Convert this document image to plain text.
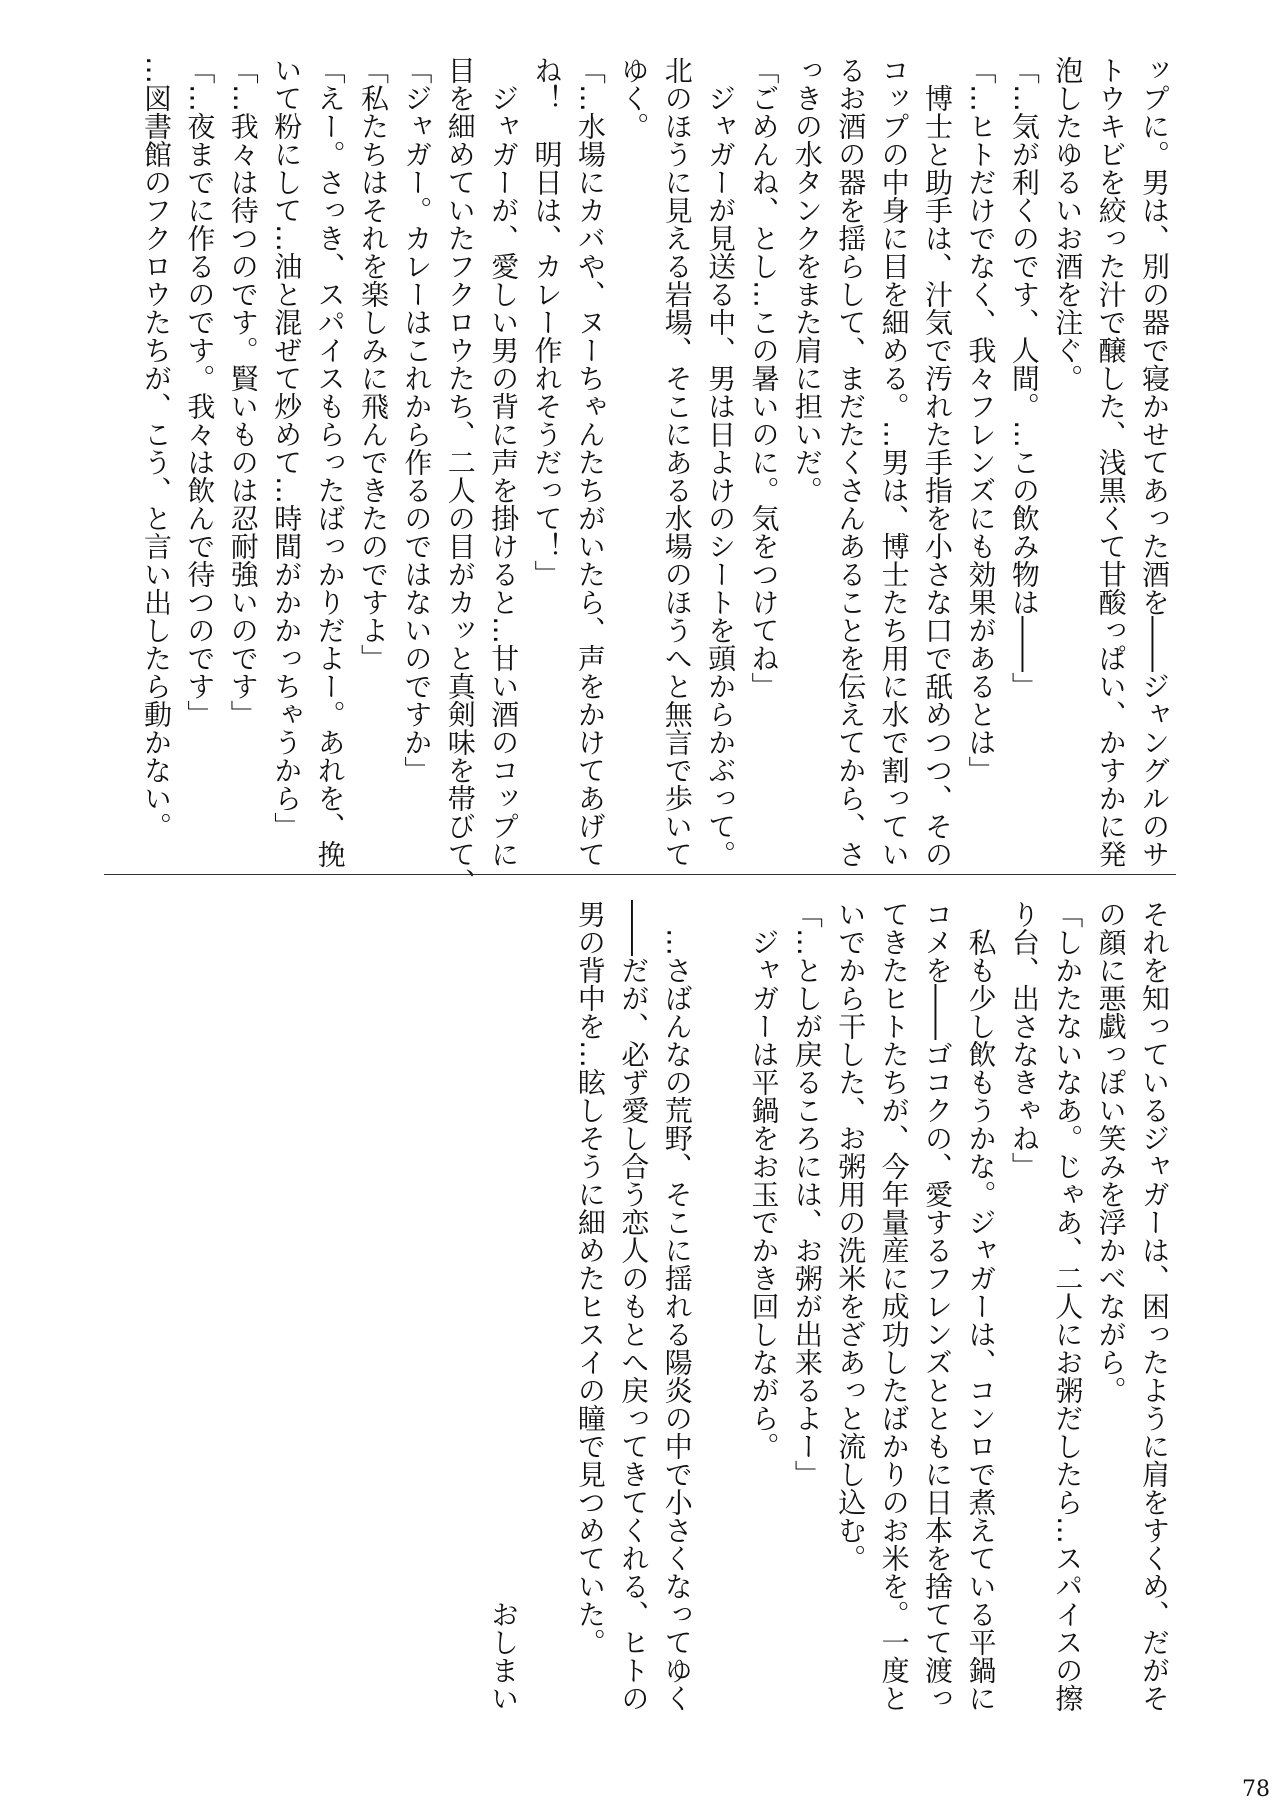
ップに。男は、別の器で寝かせてあった酒を――ジャングルのサ
トウキビを絞った汁で醸した、浅黒くて甘酸っぱい、かすかに発
泡したゆるいお酒を注ぐ。
「…気が利くのです、人間。…この飲み物は――」
「…ヒトだけでなく、我々フレンズにも効果があるとは」
　博士と助手は、汁気で汚れた手指を小さな口で舐めつつ、その
コップの中身に目を細める。…男は、博士たち用に水で割ってい
るお酒の器を揺らして、まだたくさんあることを伝えてから、さ
っきの水タンクをまた肩に担いだ。
「ごめんね、とし…この暑いのに。気をつけてね」
　ジャガーが見送る中、男は日よけのシートを頭からかぶって。
北のほうに見える岩場、そこにある水場のほうへと無言で歩いて
ゆく。
「…水場にカバや、ヌーちゃんたちがいたら、声をかけてあげて
ね！　明日は、カレー作れそうだって！」
　ジャガーが、愛しい男の背に声を掛けると…甘い酒のコップに
目を細めていたフクロウたち、二人の目がカッと真剣味を帯びて、
「ジャガー。カレーはこれから作るのではないのですか」
「私たちはそれを楽しみに飛んできたのですよ」
「えー。さっき、スパイスもらったばっかりだよー。あれを、挽
いて粉にして…油と混ぜて炒めて…時間がかかっちゃうから」
「…我々は待つのです。賢いものは忍耐強いのです」
「…夜までに作るのです。我々は飲んで待つのです」
…図書館のフクロウたちが、こう、と言い出したら動かない。
それを知っているジャガーは、困ったように肩をすくめ、だがそ
の顔に悪戯っぽい笑みを浮かべながら。
「しかたないなあ。じゃあ、二人にお粥だしたら…スパイスの擦
り台、出さなきゃね」
　私も少し飲もうかな。ジャガーは、コンロで煮えている平鍋に
コメを――ゴコクの、愛するフレンズとともに日本を捨てて渡っ
てきたヒトたちが、今年量産に成功したばかりのお米を。一度と
いでから干した、お粥用の洗米をざあっと流し込む。
「…としが戻るころには、お粥が出来るよー」
　ジャガーは平鍋をお玉でかき回しながら。
　…さばんなの荒野、そこに揺れる陽炎の中で小さくなってゆく
――だが、必ず愛し合う恋人のもとへ戻ってきてくれる、ヒトの
男の背中を…眩しそうに細めたヒスイの瞳で見つめていた。
おしまい
78
